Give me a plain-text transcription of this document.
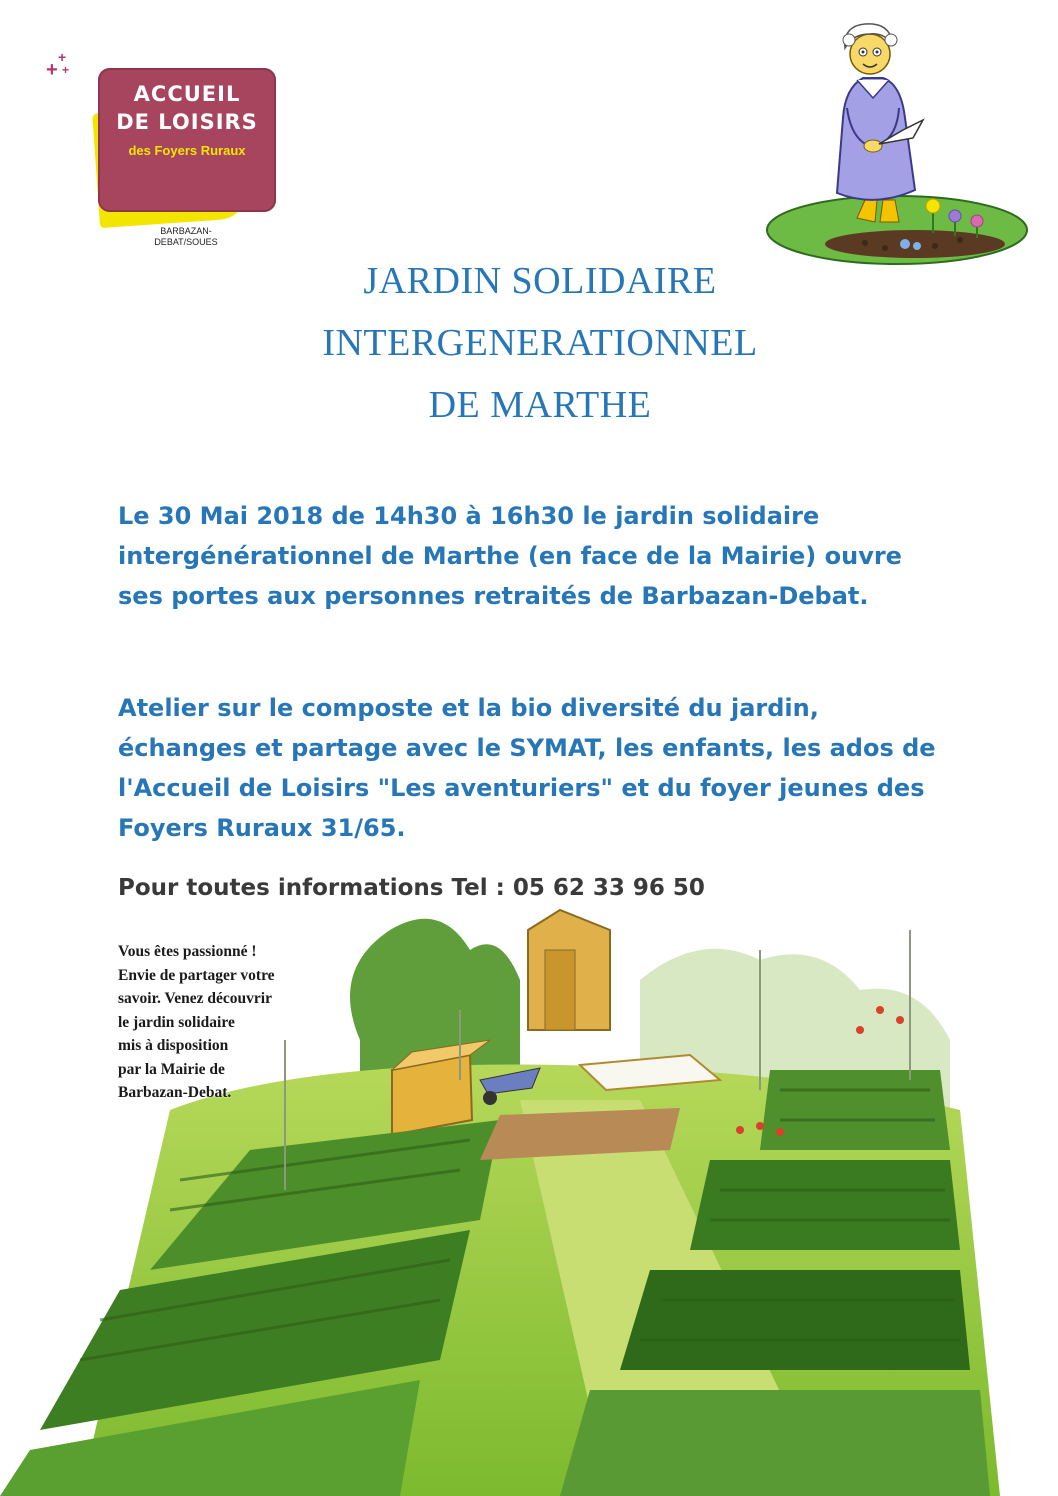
+
+
+
ACCUEIL
DE LOISIRS
des Foyers Ruraux
BARBAZAN-
DEBAT/SOUES
JARDIN SOLIDAIRE
INTERGENERATIONNEL
DE MARTHE
Le 30 Mai 2018 de 14h30 à 16h30 le jardin solidaire intergénérationnel de Marthe (en face de la Mairie) ouvre ses portes aux personnes retraités de Barbazan-Debat.
Atelier sur le composte et la bio diversité du jardin, échanges et partage avec le SYMAT, les enfants, les ados de l'Accueil de Loisirs "Les aventuriers" et du foyer jeunes des Foyers Ruraux 31/65.
Pour toutes informations Tel : 05 62 33 96 50
Vous êtes passionné !
Envie de partager votre
savoir. Venez découvrir
le jardin solidaire
mis à disposition
par la Mairie de
Barbazan-Debat.
